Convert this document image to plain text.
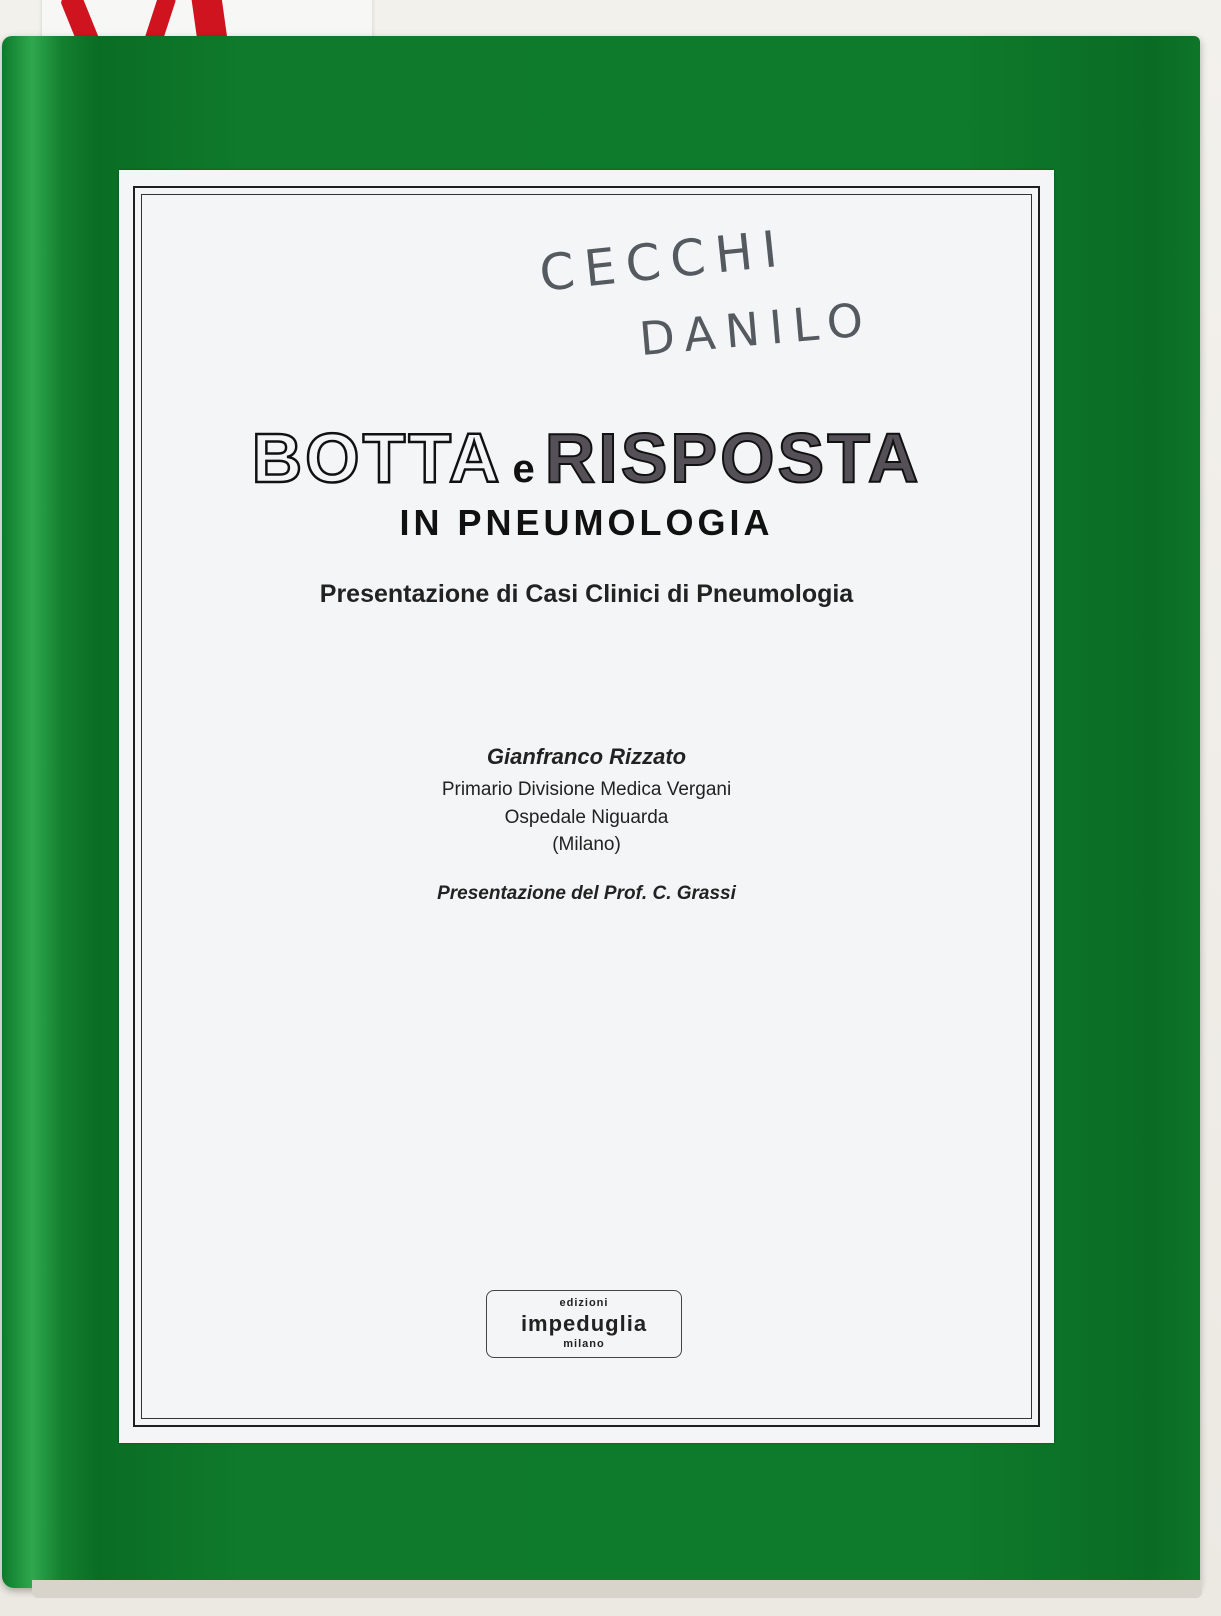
CECCHI
DANILO
BOTTA e RISPOSTA
IN PNEUMOLOGIA
Presentazione di Casi Clinici di Pneumologia
Gianfranco Rizzato
Primario Divisione Medica Vergani
Ospedale Niguarda
(Milano)
Presentazione del Prof. C. Grassi
edizioni
impeduglia
milano
